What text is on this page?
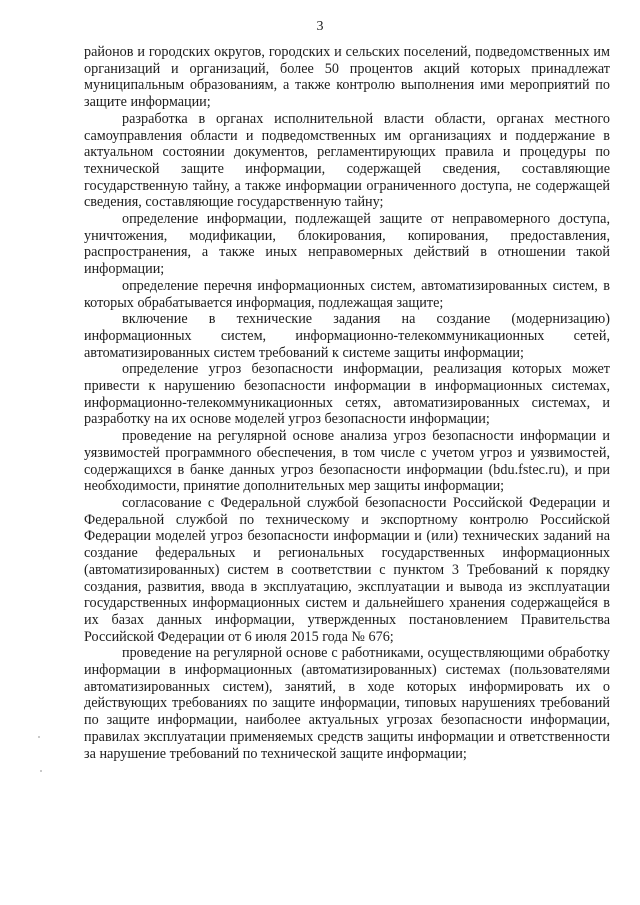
3

районов и городских округов, городских и сельских поселений, подведомственных им организаций и организаций, более 50 процентов акций которых принадлежат муниципальным образованиям, а также контролю выполнения ими мероприятий по защите информации;

разработка в органах исполнительной власти области, органах местного самоуправления области и подведомственных им организациях и поддержание в актуальном состоянии документов, регламентирующих правила и процедуры по технической защите информации, содержащей сведения, составляющие государственную тайну, а также информации ограниченного доступа, не содержащей сведения, составляющие государственную тайну;

определение информации, подлежащей защите от неправомерного доступа, уничтожения, модификации, блокирования, копирования, предоставления, распространения, а также иных неправомерных действий в отношении такой информации;

определение перечня информационных систем, автоматизированных систем, в которых обрабатывается информация, подлежащая защите;

включение в технические задания на создание (модернизацию) информационных систем, информационно-телекоммуникационных сетей, автоматизированных систем требований к системе защиты информации;

определение угроз безопасности информации, реализация которых может привести к нарушению безопасности информации в информационных системах, информационно-телекоммуникационных сетях, автоматизированных системах, и разработку на их основе моделей угроз безопасности информации;

проведение на регулярной основе анализа угроз безопасности информации и уязвимостей программного обеспечения, в том числе с учетом угроз и уязвимостей, содержащихся в банке данных угроз безопасности информации (bdu.fstec.ru), и при необходимости, принятие дополнительных мер защиты информации;

согласование с Федеральной службой безопасности Российской Федерации и Федеральной службой по техническому и экспортному контролю Российской Федерации моделей угроз безопасности информации и (или) технических заданий на создание федеральных и региональных государственных информационных (автоматизированных) систем в соответствии с пунктом 3 Требований к порядку создания, развития, ввода в эксплуатацию, эксплуатации и вывода из эксплуатации государственных информационных систем и дальнейшего хранения содержащейся в их базах данных информации, утвержденных постановлением Правительства Российской Федерации от 6 июля 2015 года № 676;

проведение на регулярной основе с работниками, осуществляющими обработку информации в информационных (автоматизированных) системах (пользователями автоматизированных систем), занятий, в ходе которых информировать их о действующих требованиях по защите информации, типовых нарушениях требований по защите информации, наиболее актуальных угрозах безопасности информации, правилах эксплуатации применяемых средств защиты информации и ответственности за нарушение требований по технической защите информации;
